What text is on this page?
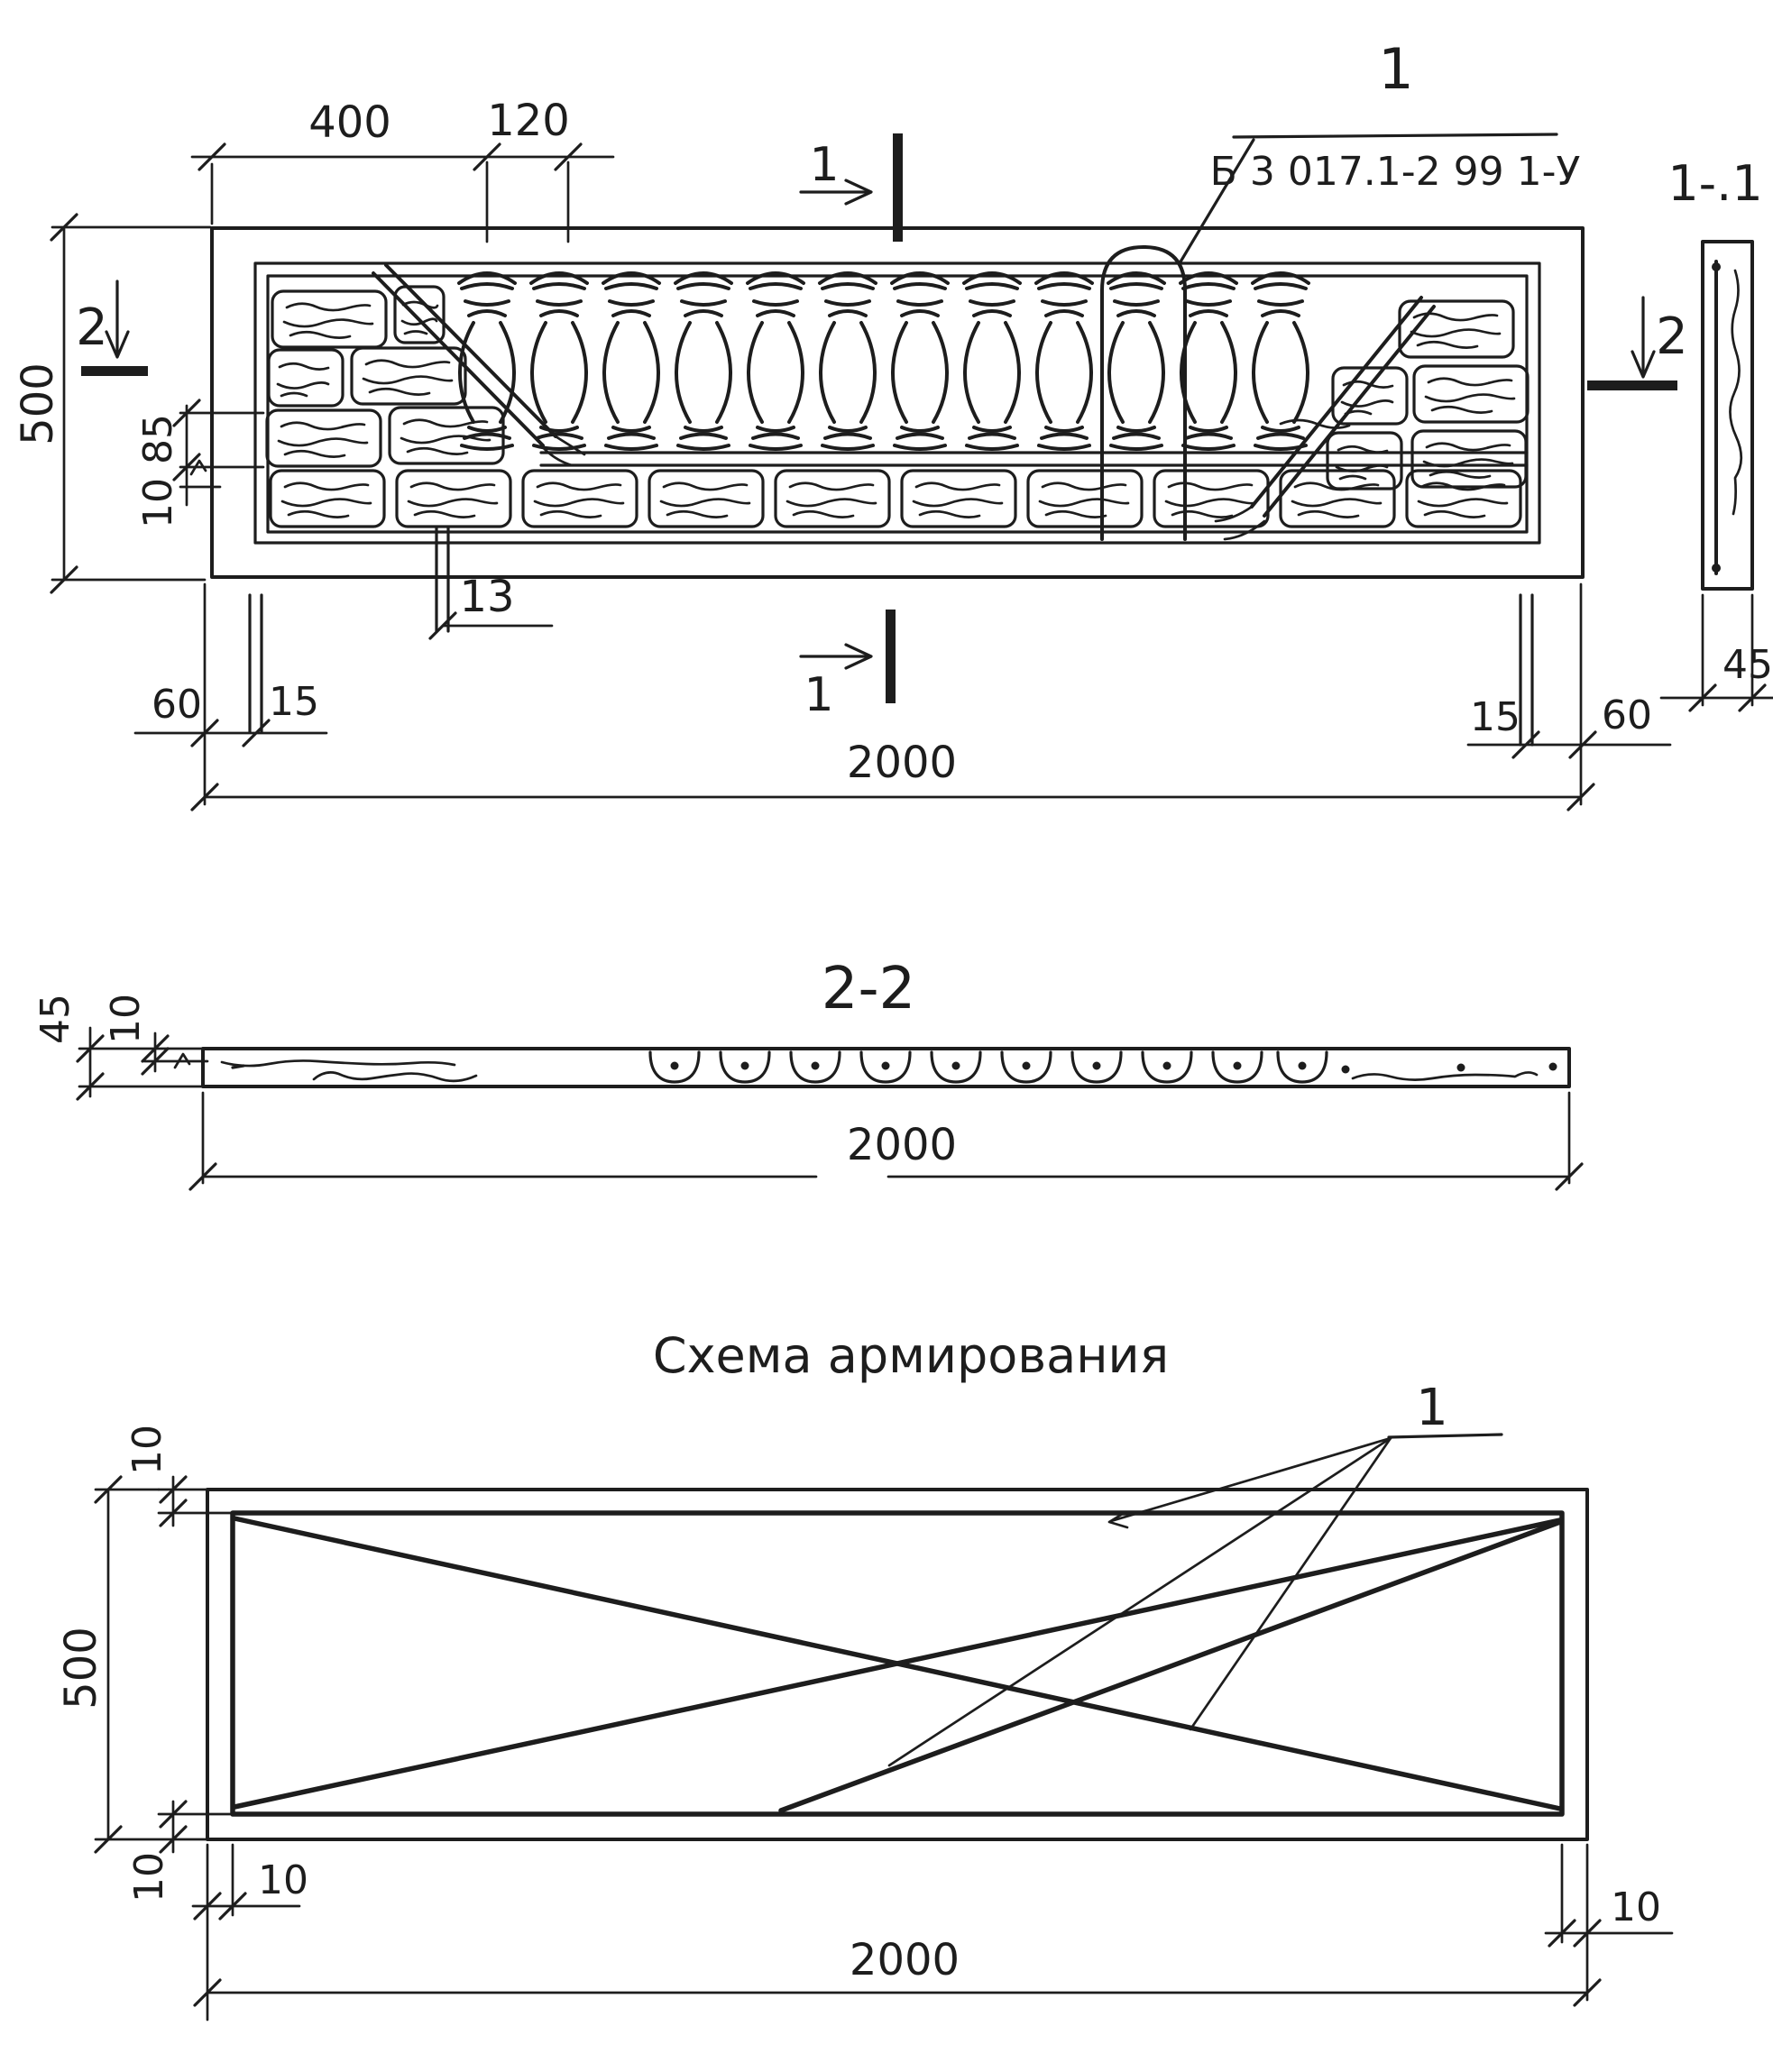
1
Б 3 017.1-2 99 1-У
1
1
2	2
400 120
500 85
10
13
60 15	15 60
2000
1-.1
45
2-2
45 10
2000
Схема армирования
1
10
500
10 10
10
2000
